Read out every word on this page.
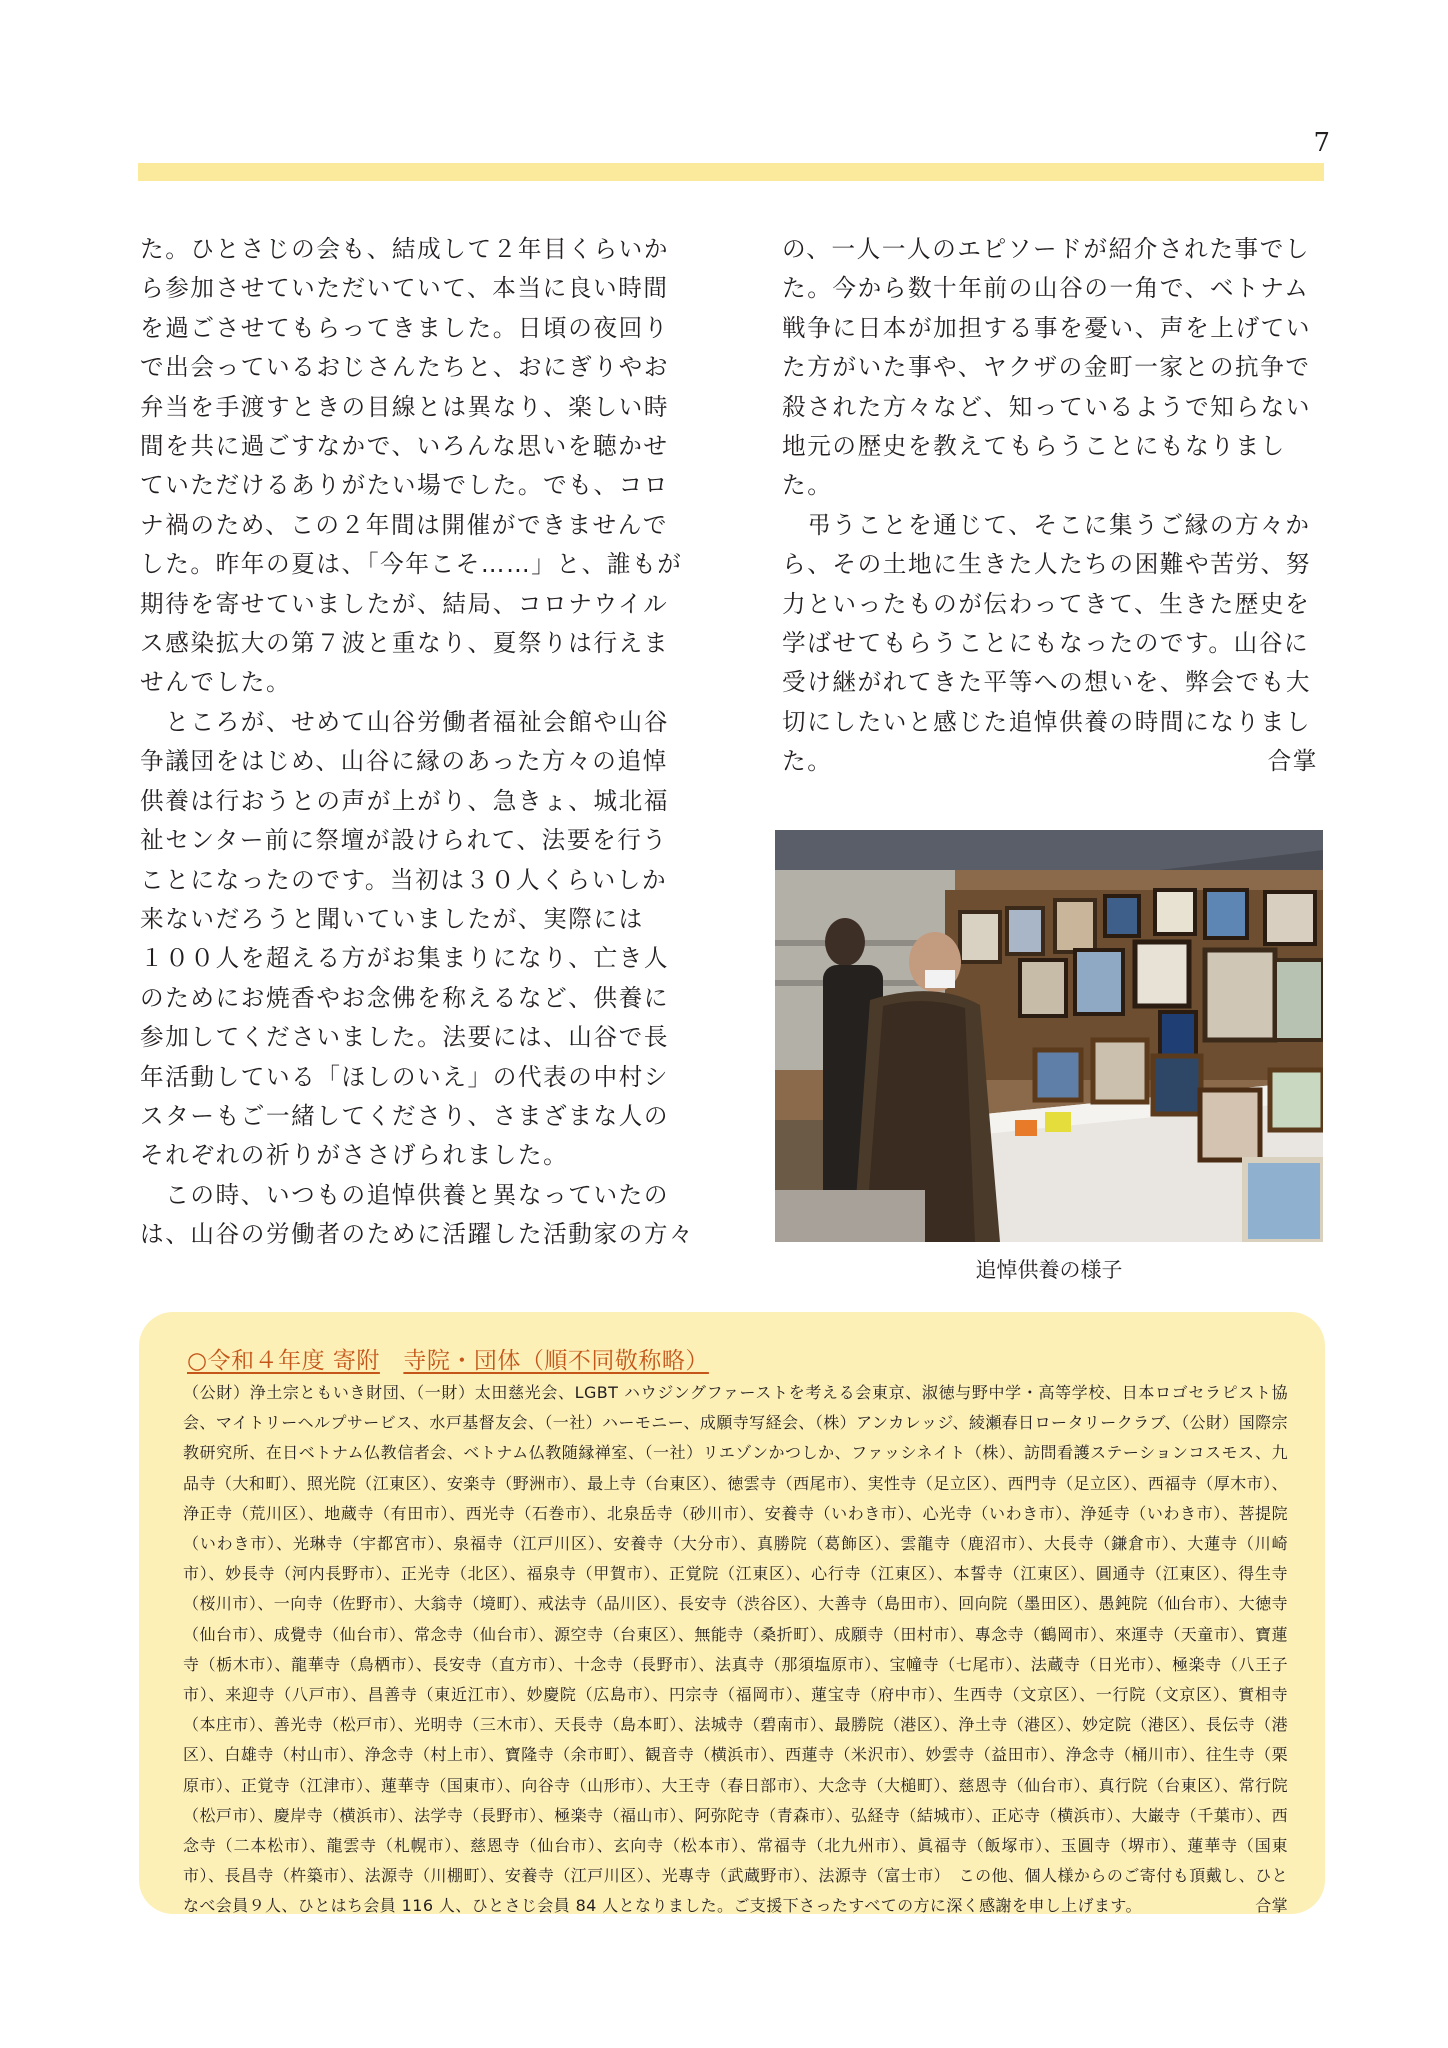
7

た。ひとさじの会も、結成して２年目くらいか
ら参加させていただいていて、本当に良い時間
を過ごさせてもらってきました。日頃の夜回り
で出会っているおじさんたちと、おにぎりやお
弁当を手渡すときの目線とは異なり、楽しい時
間を共に過ごすなかで、いろんな思いを聴かせ
ていただけるありがたい場でした。でも、コロ
ナ禍のため、この２年間は開催ができませんで
した。昨年の夏は、「今年こそ……」と、誰もが
期待を寄せていましたが、結局、コロナウイル
ス感染拡大の第７波と重なり、夏祭りは行えま
せんでした。

　ところが、せめて山谷労働者福祉会館や山谷
争議団をはじめ、山谷に縁のあった方々の追悼
供養は行おうとの声が上がり、急きょ、城北福
祉センター前に祭壇が設けられて、法要を行う
ことになったのです。当初は３０人くらいしか
来ないだろうと聞いていましたが、実際には
１００人を超える方がお集まりになり、亡き人
のためにお焼香やお念佛を称えるなど、供養に
参加してくださいました。法要には、山谷で長
年活動している「ほしのいえ」の代表の中村シ
スターもご一緒してくださり、さまざまな人の
それぞれの祈りがささげられました。

　この時、いつもの追悼供養と異なっていたの
は、山谷の労働者のために活躍した活動家の方々

の、一人一人のエピソードが紹介された事でし
た。今から数十年前の山谷の一角で、ベトナム
戦争に日本が加担する事を憂い、声を上げてい
た方がいた事や、ヤクザの金町一家との抗争で
殺された方々など、知っているようで知らない
地元の歴史を教えてもらうことにもなりました。

　弔うことを通じて、そこに集うご縁の方々か
ら、その土地に生きた人たちの困難や苦労、努
力といったものが伝わってきて、生きた歴史を
学ばせてもらうことにもなったのです。山谷に
受け継がれてきた平等への想いを、弊会でも大
切にしたいと感じた追悼供養の時間になりまし

た。	合掌
追悼供養の様子
○令和４年度 寄附　 寺院・団体（順不同敬称略）
（公財）浄土宗ともいき財団、（一財）太田慈光会、LGBT ハウジングファーストを考える会東京、淑徳与野中学・高等学校、日本ロゴセラピスト協会、マイトリーヘルプサービス、水戸基督友会、（一社）ハーモニー、成願寺写経会、（株）アンカレッジ、綾瀬春日ロータリークラブ、（公財）国際宗教研究所、在日ベトナム仏教信者会、ベトナム仏教随縁禅室、（一社）リエゾンかつしか、ファッシネイト（株）、訪問看護ステーションコスモス、九品寺（大和町）、照光院（江東区）、安楽寺（野洲市）、最上寺（台東区）、徳雲寺（西尾市）、実性寺（足立区）、西門寺（足立区）、西福寺（厚木市）、浄正寺（荒川区）、地蔵寺（有田市）、西光寺（石巻市）、北泉岳寺（砂川市）、安養寺（いわき市）、心光寺（いわき市）、浄延寺（いわき市）、菩提院（いわき市）、光琳寺（宇都宮市）、泉福寺（江戸川区）、安養寺（大分市）、真勝院（葛飾区）、雲龍寺（鹿沼市）、大長寺（鎌倉市）、大蓮寺（川崎市）、妙長寺（河内長野市）、正光寺（北区）、福泉寺（甲賀市）、正覚院（江東区）、心行寺（江東区）、本誓寺（江東区）、圓通寺（江東区）、得生寺（桜川市）、一向寺（佐野市）、大翁寺（境町）、戒法寺（品川区）、長安寺（渋谷区）、大善寺（島田市）、回向院（墨田区）、愚鈍院（仙台市）、大徳寺（仙台市）、成覺寺（仙台市）、常念寺（仙台市）、源空寺（台東区）、無能寺（桑折町）、成願寺（田村市）、專念寺（鶴岡市）、來運寺（天童市）、寶蓮寺（栃木市）、龍華寺（鳥栖市）、長安寺（直方市）、十念寺（長野市）、法真寺（那須塩原市）、宝幢寺（七尾市）、法蔵寺（日光市）、極楽寺（八王子市）、来迎寺（八戸市）、昌善寺（東近江市）、妙慶院（広島市）、円宗寺（福岡市）、蓮宝寺（府中市）、生西寺（文京区）、一行院（文京区）、實相寺（本庄市）、善光寺（松戸市）、光明寺（三木市）、天長寺（島本町）、法城寺（碧南市）、最勝院（港区）、浄土寺（港区）、妙定院（港区）、長伝寺（港区）、白雄寺（村山市）、浄念寺（村上市）、寶隆寺（余市町）、観音寺（横浜市）、西蓮寺（米沢市）、妙雲寺（益田市）、浄念寺（桶川市）、往生寺（栗原市）、正覚寺（江津市）、蓮華寺（国東市）、向谷寺（山形市）、大王寺（春日部市）、大念寺（大槌町）、慈恩寺（仙台市）、真行院（台東区）、常行院（松戸市）、慶岸寺（横浜市）、法学寺（長野市）、極楽寺（福山市）、阿弥陀寺（青森市）、弘経寺（結城市）、正応寺（横浜市）、大巌寺（千葉市）、西念寺（二本松市）、龍雲寺（札幌市）、慈恩寺（仙台市）、玄向寺（松本市）、常福寺（北九州市）、眞福寺（飯塚市）、玉圓寺（堺市）、蓮華寺（国東市）、長昌寺（杵築市）、法源寺（川棚町）、安養寺（江戸川区）、光專寺（武蔵野市）、法源寺（富士市）　この他、個人様からのご寄付も頂戴し、ひとなべ会員９人、ひとはち会員 116 人、ひとさじ会員 84 人となりました。ご支援下さったすべての方に深く感謝を申し上げます。	合掌
